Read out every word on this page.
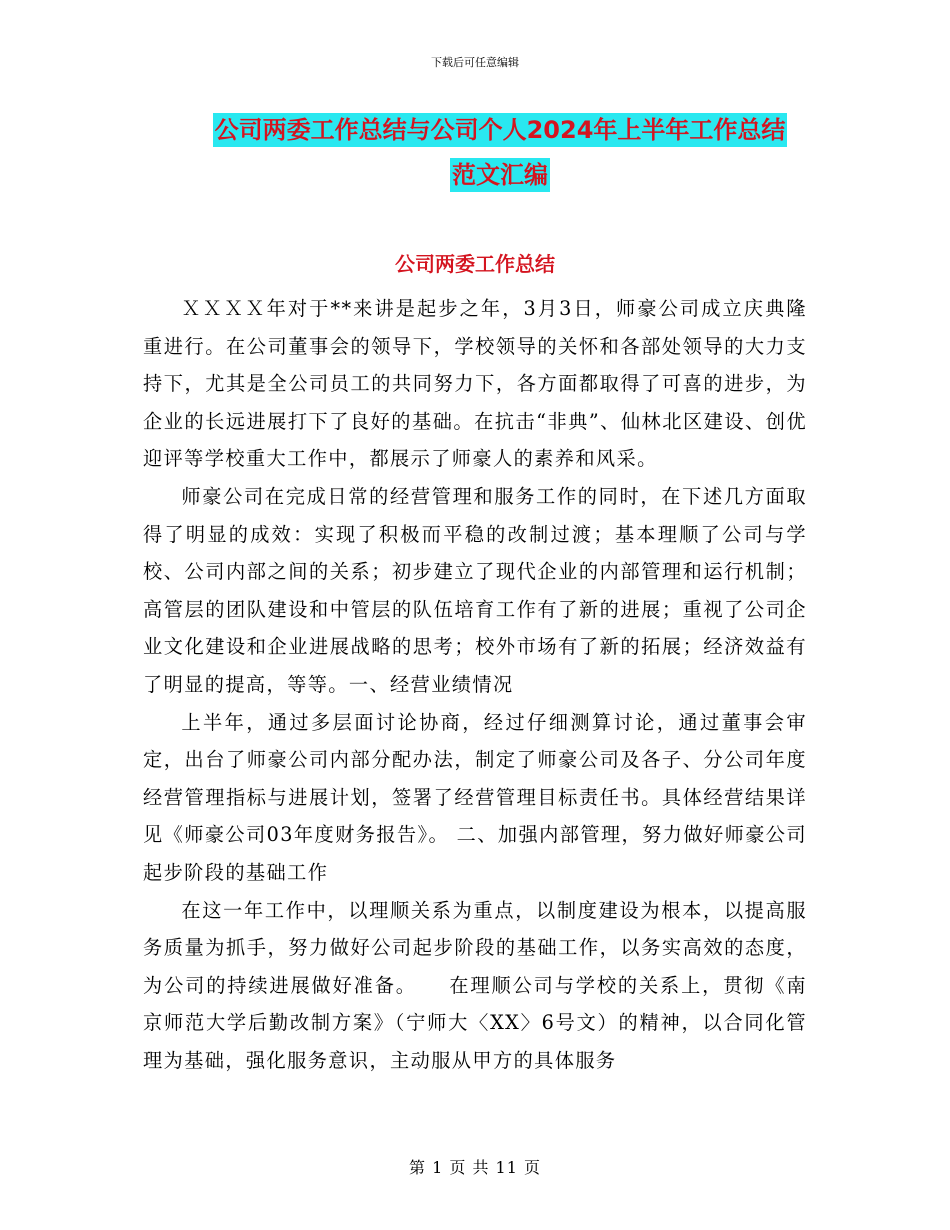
下载后可任意编辑
公司两委工作总结与公司个人2024年上半年工作总结
范文汇编
公司两委工作总结

ＸＸＸＸ年对于**来讲是起步之年，3月3日，师豪公司成立庆典隆重进行。在公司董事会的领导下，学校领导的关怀和各部处领导的大力支持下，尤其是全公司员工的共同努力下，各方面都取得了可喜的进步，为企业的长远进展打下了良好的基础。在抗击“非典”、仙林北区建设、创优迎评等学校重大工作中，都展示了师豪人的素养和风采。

师豪公司在完成日常的经营管理和服务工作的同时，在下述几方面取得了明显的成效：实现了积极而平稳的改制过渡；基本理顺了公司与学校、公司内部之间的关系；初步建立了现代企业的内部管理和运行机制；高管层的团队建设和中管层的队伍培育工作有了新的进展；重视了公司企业文化建设和企业进展战略的思考；校外市场有了新的拓展；经济效益有了明显的提高，等等。一、经营业绩情况

上半年，通过多层面讨论协商，经过仔细测算讨论，通过董事会审定，出台了师豪公司内部分配办法，制定了师豪公司及各子、分公司年度经营管理指标与进展计划，签署了经营管理目标责任书。具体经营结果详见《师豪公司03年度财务报告》。 二、加强内部管理，努力做好师豪公司起步阶段的基础工作

在这一年工作中，以理顺关系为重点，以制度建设为根本，以提高服务质量为抓手，努力做好公司起步阶段的基础工作，以务实高效的态度，为公司的持续进展做好准备。　　在理顺公司与学校的关系上，贯彻《南京师范大学后勤改制方案》（宁师大〈XX〉6号文）的精神，以合同化管理为基础，强化服务意识，主动服从甲方的具体服务

第 1 页 共 11 页
